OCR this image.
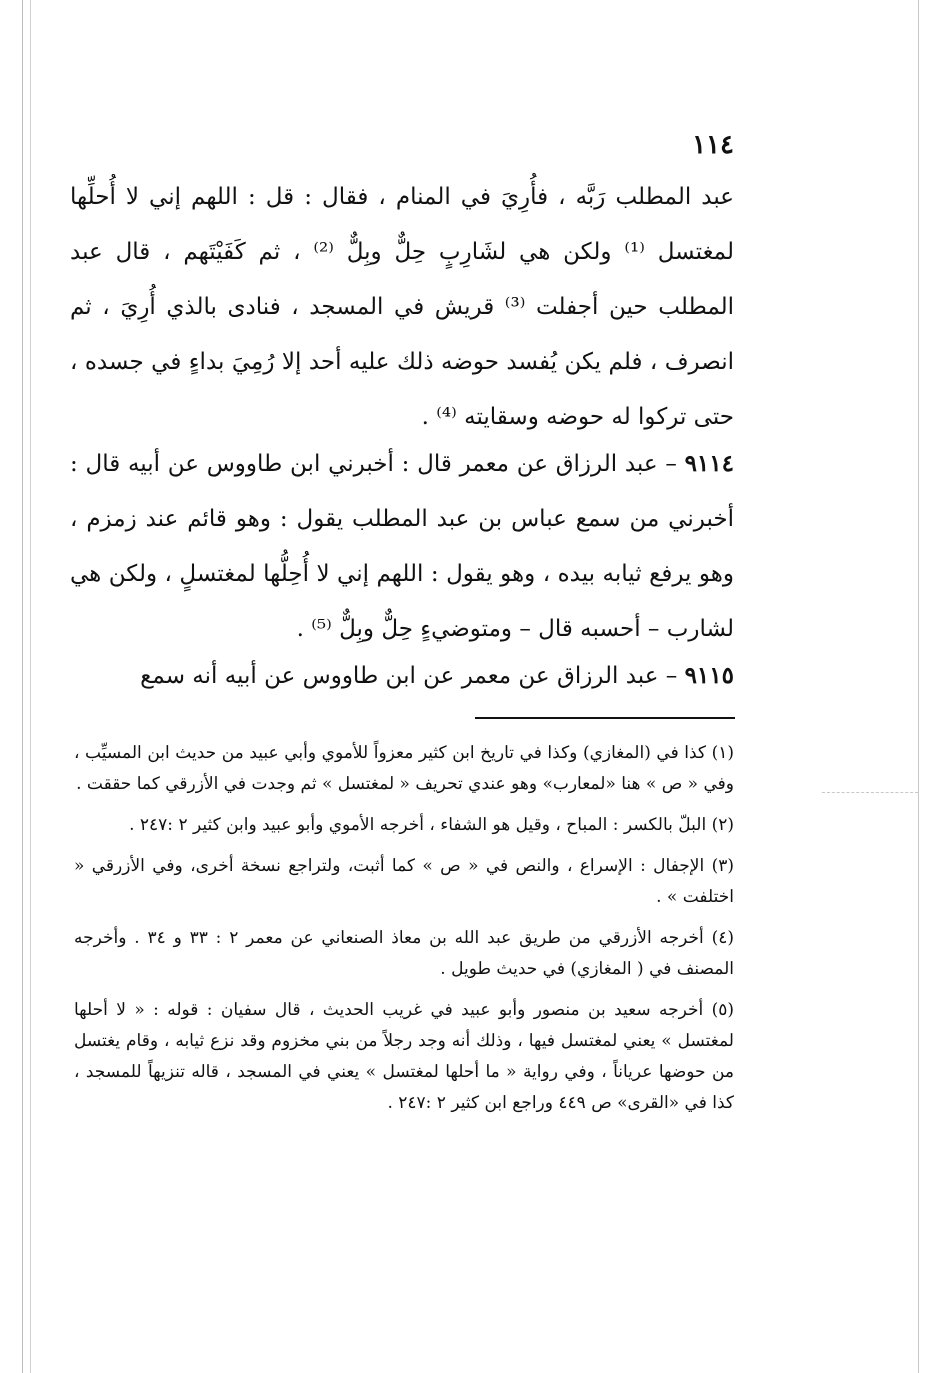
١١٤

عبد المطلب رَبَّه ، فأُرِيَ في المنام ، فقال : قل : اللهم إني لا أُحلِّها لمغتسل ⁽¹⁾ ولكن هي لشَارِبٍ حِلٌّ وبِلٌّ ⁽²⁾ ، ثم كَفَيْتَهم ، قال عبد المطلب حين أجفلت ⁽³⁾ قريش في المسجد ، فنادى بالذي أُرِيَ ، ثم انصرف ، فلم يكن يُفسد حوضه ذلك عليه أحد إلا رُمِيَ بداءٍ في جسده ، حتى تركوا له حوضه وسقايته ⁽⁴⁾ .

٩١١٤ – عبد الرزاق عن معمر قال : أخبرني ابن طاووس عن أبيه قال : أخبرني من سمع عباس بن عبد المطلب يقول : وهو قائم عند زمزم ، وهو يرفع ثيابه بيده ، وهو يقول : اللهم إني لا أُحِلُّها لمغتسلٍ ، ولكن هي لشارب – أحسبه قال – ومتوضيءٍ حِلٌّ وبِلٌّ ⁽⁵⁾ .

٩١١٥ – عبد الرزاق عن معمر عن ابن طاووس عن أبيه أنه سمع

(١) كذا في (المغازي) وكذا في تاريخ ابن كثير معزواً للأموي وأبي عبيد من حديث ابن المسيِّب ، وفي « ص » هنا «لمعارب» وهو عندي تحريف « لمغتسل » ثم وجدت في الأزرقي كما حققت .

(٢) البلّ بالكسر : المباح ، وقيل هو الشفاء ، أخرجه الأموي وأبو عبيد وابن كثير ٢ :٢٤٧ .

(٣) الإجفال : الإسراع ، والنص في « ص » كما أثبت، ولتراجع نسخة أخرى، وفي الأزرقي « اختلفت » .

(٤) أخرجه الأزرقي من طريق عبد الله بن معاذ الصنعاني عن معمر ٢ : ٣٣ و ٣٤ . وأخرجه المصنف في ( المغازي) في حديث طويل .

(٥) أخرجه سعيد بن منصور وأبو عبيد في غريب الحديث ، قال سفيان : قوله : « لا أحلها لمغتسل » يعني لمغتسل فيها ، وذلك أنه وجد رجلاً من بني مخزوم وقد نزع ثيابه ، وقام يغتسل من حوضها عرياناً ، وفي رواية « ما أحلها لمغتسل » يعني في المسجد ، قاله تنزيهاً للمسجد ، كذا في «القرى» ص ٤٤٩ وراجع ابن كثير ٢ :٢٤٧ .
